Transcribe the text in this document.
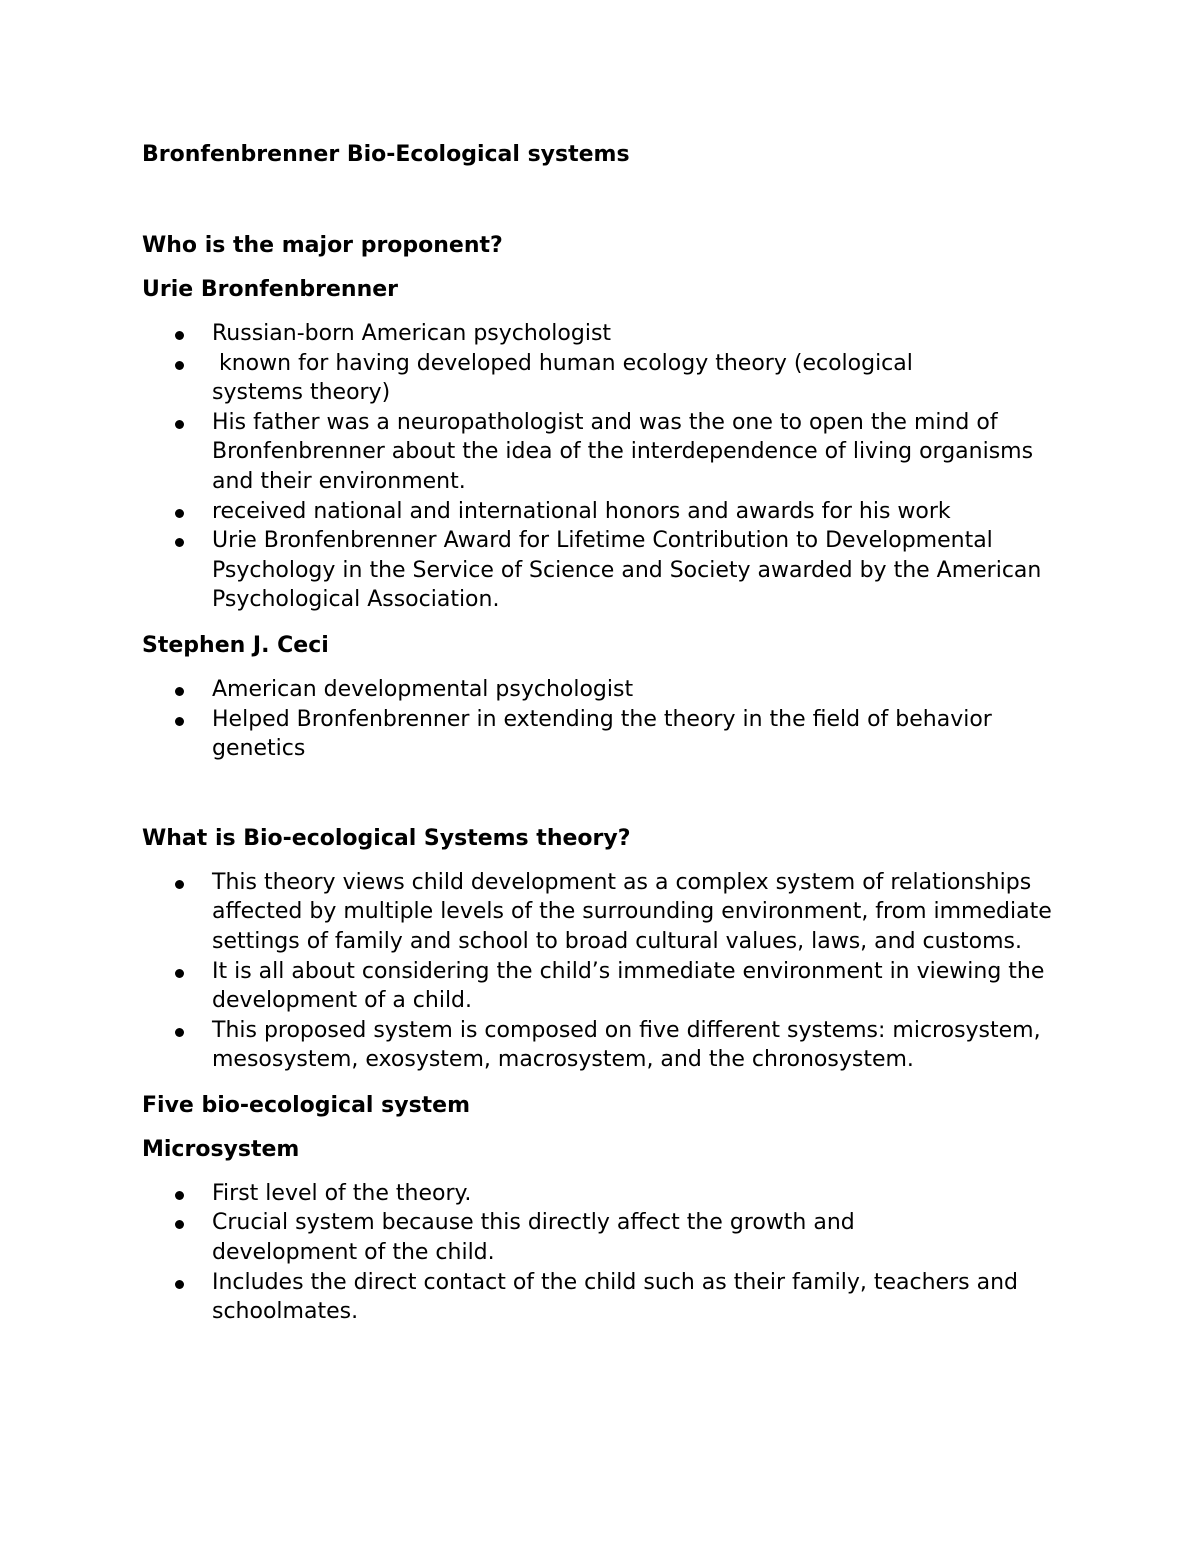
Bronfenbrenner Bio-Ecological systems

Who is the major proponent?

Urie Bronfenbrenner

Russian-born American psychologist
known for having developed human ecology theory (ecological systems theory)
His father was a neuropathologist and was the one to open the mind of Bronfenbrenner about the idea of the interdependence of living organisms and their environment.
received national and international honors and awards for his work
Urie Bronfenbrenner Award for Lifetime Contribution to Developmental Psychology in the Service of Science and Society awarded by the American Psychological Association.

Stephen J. Ceci

American developmental psychologist
Helped Bronfenbrenner in extending the theory in the field of behavior genetics

What is Bio-ecological Systems theory?

This theory views child development as a complex system of relationships affected by multiple levels of the surrounding environment, from immediate settings of family and school to broad cultural values, laws, and customs.
It is all about considering the child’s immediate environment in viewing the development of a child.
This proposed system is composed on five different systems: microsystem, mesosystem, exosystem, macrosystem, and the chronosystem.

Five bio-ecological system

Microsystem

First level of the theory.
Crucial system because this directly affect the growth and development of the child.
Includes the direct contact of the child such as their family, teachers and schoolmates.
